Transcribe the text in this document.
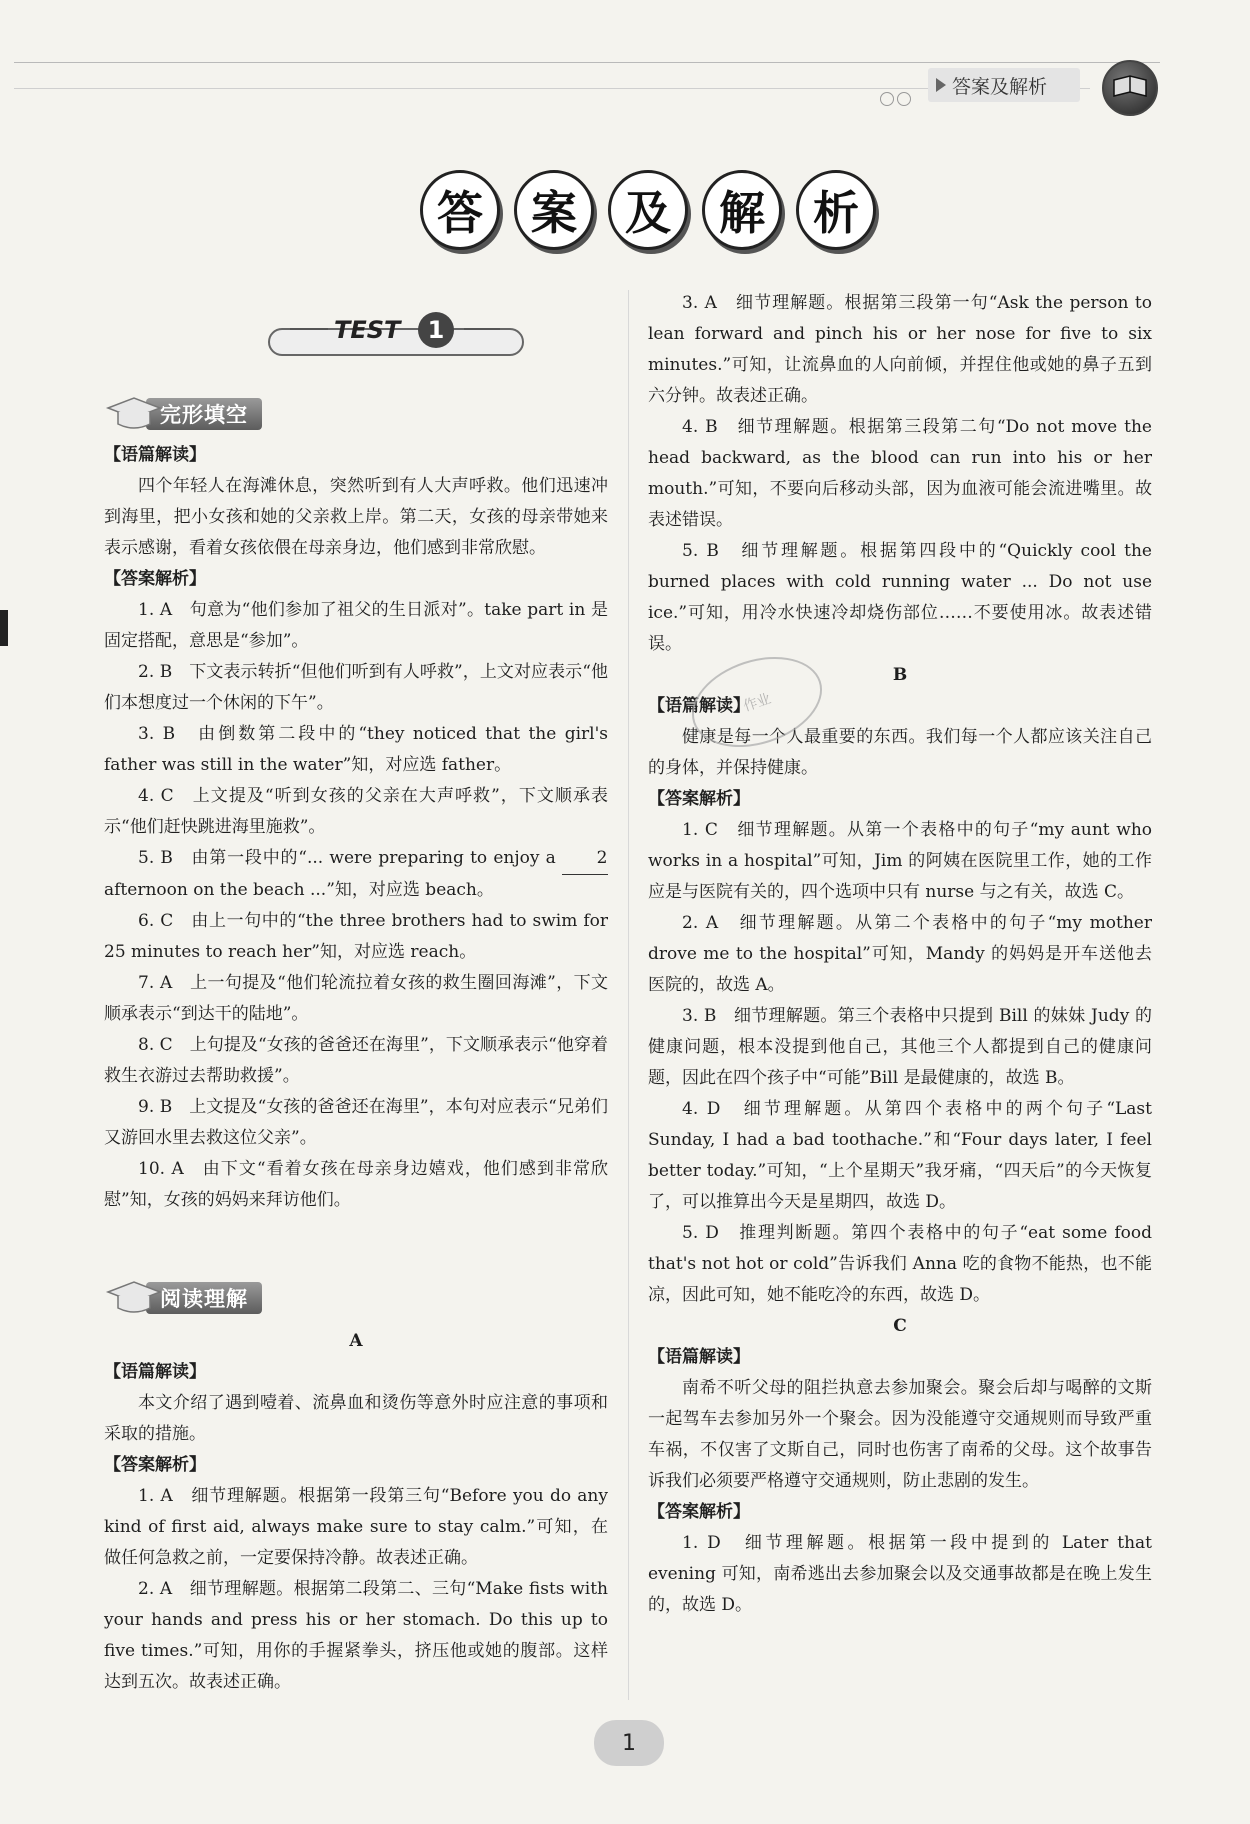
答案及解析
答	案	及	解	析
TEST	1
完形填空

【语篇解读】

四个年轻人在海滩休息，突然听到有人大声呼救。他们迅速冲到海里，把小女孩和她的父亲救上岸。第二天，女孩的母亲带她来表示感谢，看着女孩依偎在母亲身边，他们感到非常欣慰。

【答案解析】

1. A　句意为“他们参加了祖父的生日派对”。take part in 是固定搭配，意思是“参加”。

2. B　下文表示转折“但他们听到有人呼救”，上文对应表示“他们本想度过一个休闲的下午”。

3. B　由倒数第二段中的“they noticed that the girl's father was still in the water”知，对应选 father。

4. C　上文提及“听到女孩的父亲在大声呼救”，下文顺承表示“他们赶快跳进海里施救”。

5. B　由第一段中的“... were preparing to enjoy a 2 afternoon on the beach ...”知，对应选 beach。

6. C　由上一句中的“the three brothers had to swim for 25 minutes to reach her”知，对应选 reach。

7. A　上一句提及“他们轮流拉着女孩的救生圈回海滩”，下文顺承表示“到达干的陆地”。

8. C　上句提及“女孩的爸爸还在海里”，下文顺承表示“他穿着救生衣游过去帮助救援”。

9. B　上文提及“女孩的爸爸还在海里”，本句对应表示“兄弟们又游回水里去救这位父亲”。

10. A　由下文“看着女孩在母亲身边嬉戏，他们感到非常欣慰”知，女孩的妈妈来拜访他们。

阅读理解

A

【语篇解读】

本文介绍了遇到噎着、流鼻血和烫伤等意外时应注意的事项和采取的措施。

【答案解析】

1. A　细节理解题。根据第一段第三句“Before you do any kind of first aid, always make sure to stay calm.”可知，在做任何急救之前，一定要保持冷静。故表述正确。

2. A　细节理解题。根据第二段第二、三句“Make fists with your hands and press his or her stomach. Do this up to five times.”可知，用你的手握紧拳头，挤压他或她的腹部。这样达到五次。故表述正确。

3. A　细节理解题。根据第三段第一句“Ask the person to lean forward and pinch his or her nose for five to six minutes.”可知，让流鼻血的人向前倾，并捏住他或她的鼻子五到六分钟。故表述正确。

4. B　细节理解题。根据第三段第二句“Do not move the head backward, as the blood can run into his or her mouth.”可知，不要向后移动头部，因为血液可能会流进嘴里。故表述错误。

5. B　细节理解题。根据第四段中的“Quickly cool the burned places with cold running water ... Do not use ice.”可知，用冷水快速冷却烧伤部位……不要使用冰。故表述错误。

B

【语篇解读】

健康是每一个人最重要的东西。我们每一个人都应该关注自己的身体，并保持健康。

【答案解析】

1. C　细节理解题。从第一个表格中的句子“my aunt who works in a hospital”可知，Jim 的阿姨在医院里工作，她的工作应是与医院有关的，四个选项中只有 nurse 与之有关，故选 C。

2. A　细节理解题。从第二个表格中的句子“my mother drove me to the hospital”可知，Mandy 的妈妈是开车送他去医院的，故选 A。

3. B　细节理解题。第三个表格中只提到 Bill 的妹妹 Judy 的健康问题，根本没提到他自己，其他三个人都提到自己的健康问题，因此在四个孩子中“可能”Bill 是最健康的，故选 B。

4. D　细节理解题。从第四个表格中的两个句子“Last Sunday, I had a bad toothache.”和“Four days later, I feel better today.”可知，“上个星期天”我牙痛，“四天后”的今天恢复了，可以推算出今天是星期四，故选 D。

5. D　推理判断题。第四个表格中的句子“eat some food that's not hot or cold”告诉我们 Anna 吃的食物不能热，也不能凉，因此可知，她不能吃冷的东西，故选 D。

C

【语篇解读】

南希不听父母的阻拦执意去参加聚会。聚会后却与喝醉的文斯一起驾车去参加另外一个聚会。因为没能遵守交通规则而导致严重车祸，不仅害了文斯自己，同时也伤害了南希的父母。这个故事告诉我们必须要严格遵守交通规则，防止悲剧的发生。

【答案解析】

1. D　细节理解题。根据第一段中提到的 Later that evening 可知，南希逃出去参加聚会以及交通事故都是在晚上发生的，故选 D。

作业
1
